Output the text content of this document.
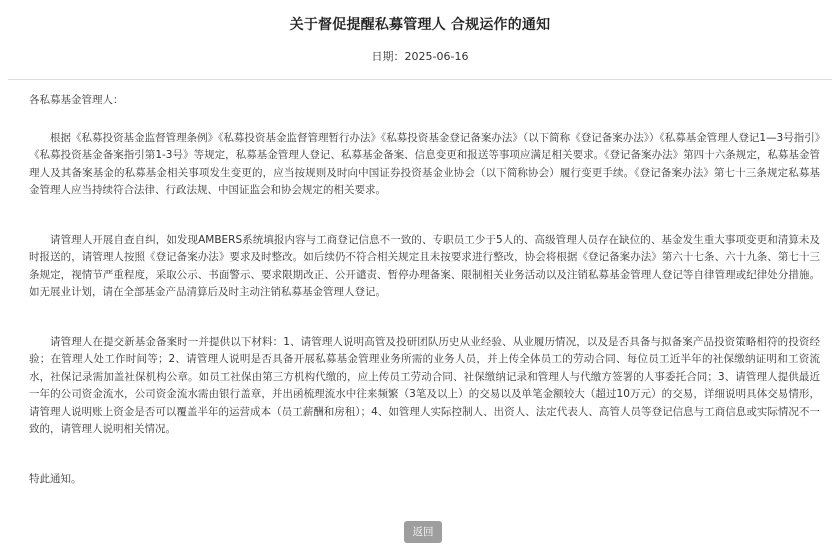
关于督促提醒私募管理人 合规运作的通知
日期：2025-06-16

各私募基金管理人：

根据《私募投资基金监督管理条例》《私募投资基金监督管理暂行办法》《私募投资基金登记备案办法》（以下简称《登记备案办法》）《私募基金管理人登记1—3号指引》《私募投资基金备案指引第1-3号》等规定，私募基金管理人登记、私募基金备案、信息变更和报送等事项应满足相关要求。《登记备案办法》第四十六条规定，私募基金管理人及其备案基金的私募基金相关事项发生变更的，应当按规则及时向中国证券投资基金业协会（以下简称协会）履行变更手续。《登记备案办法》第七十三条规定私募基金管理人应当持续符合法律、行政法规、中国证监会和协会规定的相关要求。

请管理人开展自查自纠，如发现AMBERS系统填报内容与工商登记信息不一致的、专职员工少于5人的、高级管理人员存在缺位的、基金发生重大事项变更和清算未及时报送的，请管理人按照《登记备案办法》要求及时整改。如后续仍不符合相关规定且未按要求进行整改，协会将根据《登记备案办法》第六十七条、六十九条、第七十三条规定，视情节严重程度，采取公示、书面警示、要求限期改正、公开谴责、暂停办理备案、限制相关业务活动以及注销私募基金管理人登记等自律管理或纪律处分措施。如无展业计划，请在全部基金产品清算后及时主动注销私募基金管理人登记。

请管理人在提交新基金备案时一并提供以下材料：1、请管理人说明高管及投研团队历史从业经验、从业履历情况，以及是否具备与拟备案产品投资策略相符的投资经验；在管理人处工作时间等；2、请管理人说明是否具备开展私募基金管理业务所需的业务人员，并上传全体员工的劳动合同、每位员工近半年的社保缴纳证明和工资流水，社保记录需加盖社保机构公章。如员工社保由第三方机构代缴的，应上传员工劳动合同、社保缴纳记录和管理人与代缴方签署的人事委托合同；3、请管理人提供最近一年的公司资金流水，公司资金流水需由银行盖章，并出函梳理流水中往来频繁（3笔及以上）的交易以及单笔金额较大（超过10万元）的交易，详细说明具体交易情形，请管理人说明账上资金是否可以覆盖半年的运营成本（员工薪酬和房租）；4、如管理人实际控制人、出资人、法定代表人、高管人员等登记信息与工商信息或实际情况不一致的，请管理人说明相关情况。

特此通知。

返回
